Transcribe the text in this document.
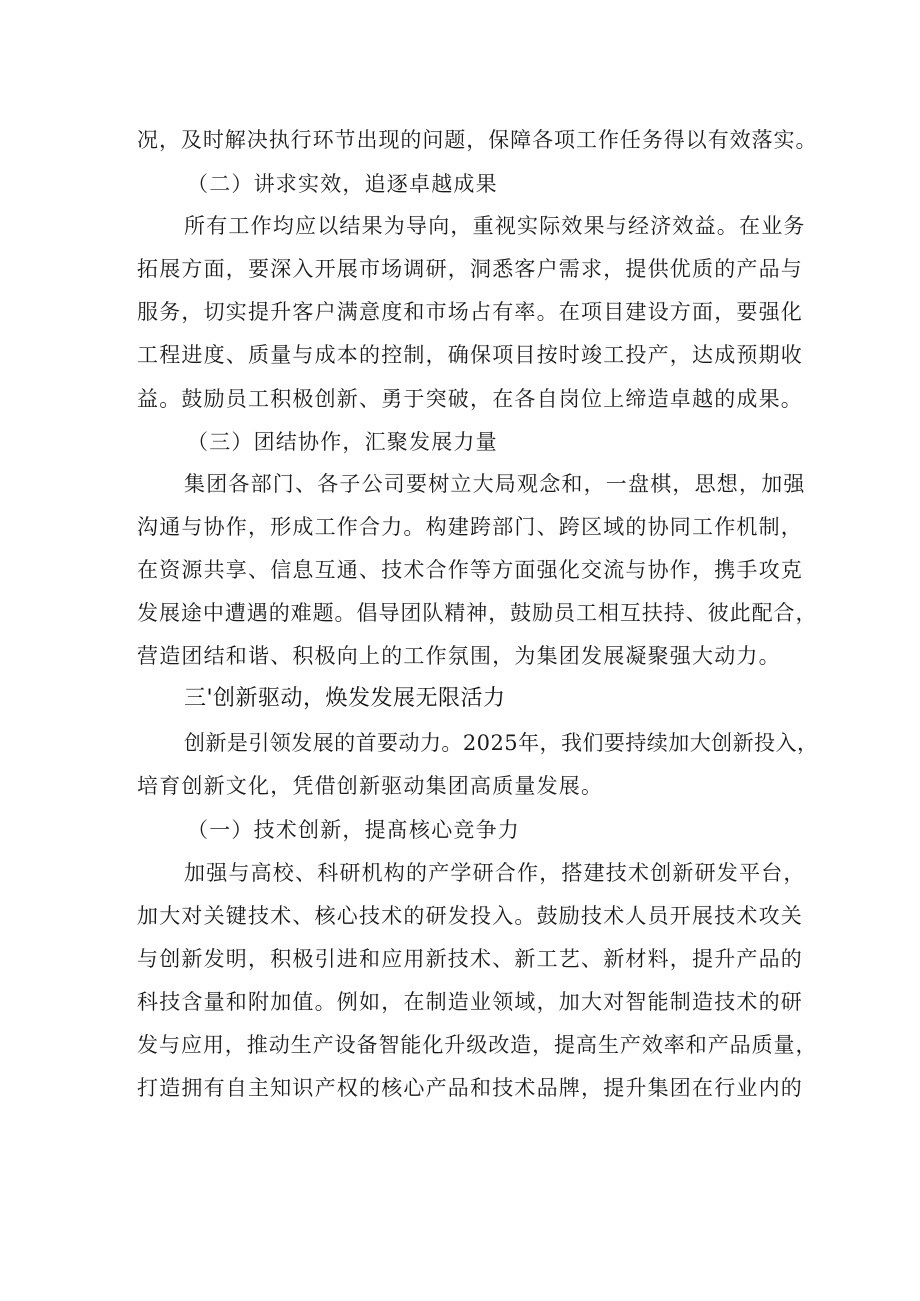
况，及时解决执行环节出现的问题，保障各项工作任务得以有效落实。
（二）讲求实效，追逐卓越成果
所有工作均应以结果为导向，重视实际效果与经济效益。在业务
拓展方面，要深入开展市场调研，洞悉客户需求，提供优质的产品与
服务，切实提升客户满意度和市场占有率。在项目建设方面，要强化
工程进度、质量与成本的控制，确保项目按时竣工投产，达成预期收
益。鼓励员工积极创新、勇于突破，在各自岗位上缔造卓越的成果。
（三）团结协作，汇聚发展力量
集团各部门、各子公司要树立大局观念和，一盘棋，思想，加强
沟通与协作，形成工作合力。构建跨部门、跨区域的协同工作机制，
在资源共享、信息互通、技术合作等方面强化交流与协作，携手攻克
发展途中遭遇的难题。倡导团队精神，鼓励员工相互扶持、彼此配合，
营造团结和谐、积极向上的工作氛围，为集团发展凝聚强大动力。
三'创新驱动，焕发发展无限活力
创新是引领发展的首要动力。2025年，我们要持续加大创新投入，
培育创新文化，凭借创新驱动集团高质量发展。
（一）技术创新，提髙核心竞争力
加强与高校、科研机构的产学研合作，搭建技术创新研发平台，
加大对关键技术、核心技术的研发投入。鼓励技术人员开展技术攻关
与创新发明，积极引进和应用新技术、新工艺、新材料，提升产品的
科技含量和附加值。例如，在制造业领域，加大对智能制造技术的研
发与应用，推动生产设备智能化升级改造，提高生产效率和产品质量，
打造拥有自主知识产权的核心产品和技术品牌，提升集团在行业内的
